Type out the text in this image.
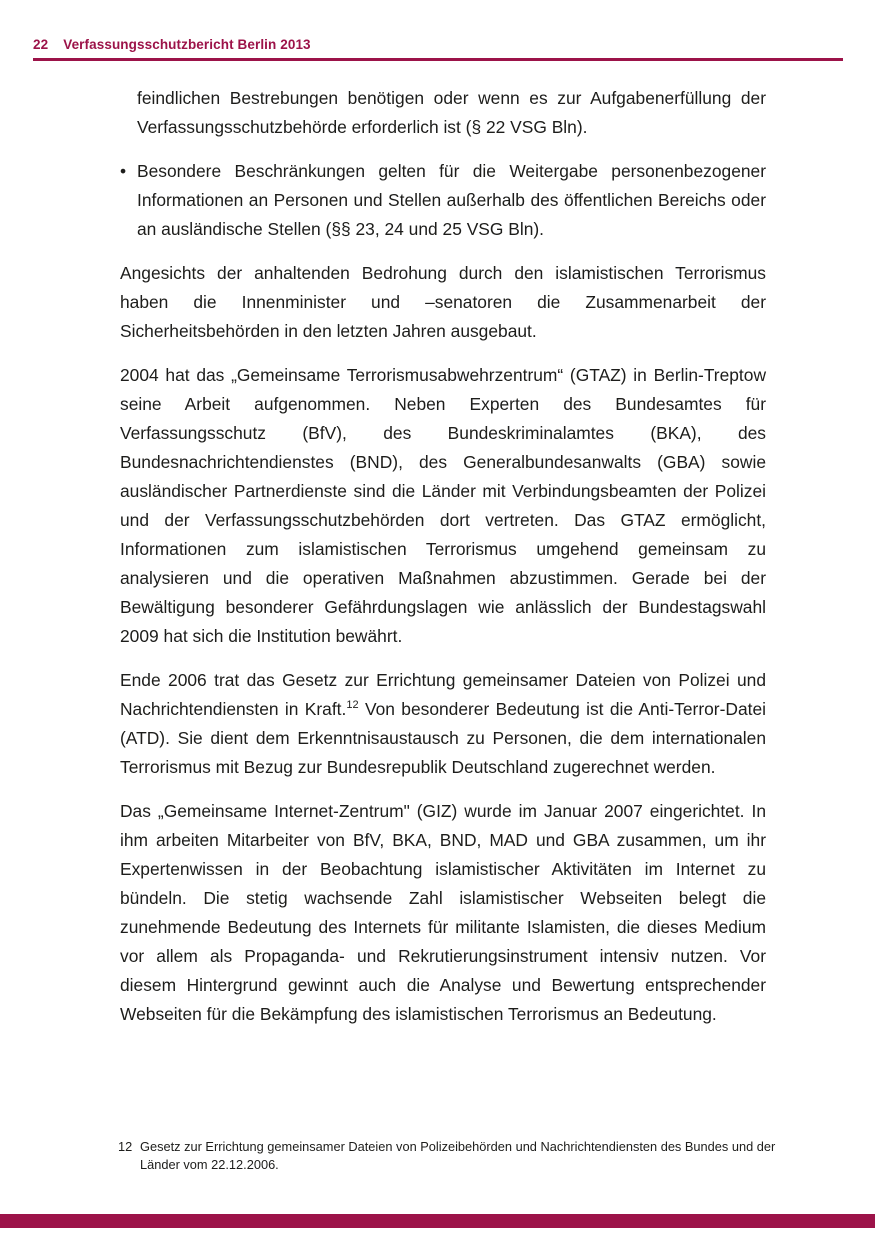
22 Verfassungsschutzbericht Berlin 2013

feindlichen Bestrebungen benötigen oder wenn es zur Aufgabenerfüllung der Verfassungsschutzbehörde erforderlich ist (§ 22 VSG Bln).

• Besondere Beschränkungen gelten für die Weitergabe personenbezogener Informationen an Personen und Stellen außerhalb des öffentlichen Bereichs oder an ausländische Stellen (§§ 23, 24 und 25 VSG Bln).

Angesichts der anhaltenden Bedrohung durch den islamistischen Terrorismus haben die Innenminister und –senatoren die Zusammenarbeit der Sicherheitsbehörden in den letzten Jahren ausgebaut.

2004 hat das „Gemeinsame Terrorismusabwehrzentrum“ (GTAZ) in Berlin-Treptow seine Arbeit aufgenommen. Neben Experten des Bundesamtes für Verfassungsschutz (BfV), des Bundeskriminalamtes (BKA), des Bundesnachrichtendienstes (BND), des Generalbundesanwalts (GBA) sowie ausländischer Partnerdienste sind die Länder mit Verbindungsbeamten der Polizei und der Verfassungsschutzbehörden dort vertreten. Das GTAZ ermöglicht, Informationen zum islamistischen Terrorismus umgehend gemeinsam zu analysieren und die operativen Maßnahmen abzustimmen. Gerade bei der Bewältigung besonderer Gefährdungslagen wie anlässlich der Bundestagswahl 2009 hat sich die Institution bewährt.

Ende 2006 trat das Gesetz zur Errichtung gemeinsamer Dateien von Polizei und Nachrichtendiensten in Kraft.$^{12}$ Von besonderer Bedeutung ist die Anti-Terror-Datei (ATD). Sie dient dem Erkenntnisaustausch zu Personen, die dem internationalen Terrorismus mit Bezug zur Bundesrepublik Deutschland zugerechnet werden.

Das „Gemeinsame Internet-Zentrum" (GIZ) wurde im Januar 2007 eingerichtet. In ihm arbeiten Mitarbeiter von BfV, BKA, BND, MAD und GBA zusammen, um ihr Expertenwissen in der Beobachtung islamistischer Aktivitäten im Internet zu bündeln. Die stetig wachsende Zahl islamistischer Webseiten belegt die zunehmende Bedeutung des Internets für militante Islamisten, die dieses Medium vor allem als Propaganda- und Rekrutierungsinstrument intensiv nutzen. Vor diesem Hintergrund gewinnt auch die Analyse und Bewertung entsprechender Webseiten für die Bekämpfung des islamistischen Terrorismus an Bedeutung.

12 Gesetz zur Errichtung gemeinsamer Dateien von Polizeibehörden und Nachrichtendiensten des Bundes und der Länder vom 22.12.2006.
